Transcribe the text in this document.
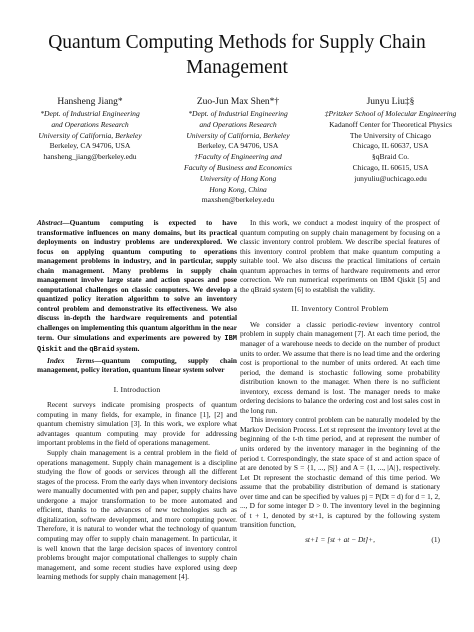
Quantum Computing Methods for Supply Chain Management
Hansheng Jiang*
*Dept. of Industrial Engineering
and Operations Research
University of California, Berkeley
Berkeley, CA 94706, USA
hansheng_jiang@berkeley.edu
Zuo-Jun Max Shen*†
*Dept. of Industrial Engineering
and Operations Research
University of California, Berkeley
Berkeley, CA 94706, USA
†Faculty of Engineering and
Faculty of Business and Economics
University of Hong Kong
Hong Kong, China
maxshen@berkeley.edu
Junyu Liu‡§
‡Pritzker School of Molecular Engineering
Kadanoff Center for Theoretical Physics
The University of Chicago
Chicago, IL 60637, USA
§qBraid Co.
Chicago, IL 60615, USA
junyuliu@uchicago.edu

Abstract—Quantum computing is expected to have transformative influences on many domains, but its practical deployments on industry problems are underexplored. We focus on applying quantum computing to operations management problems in industry, and in particular, supply chain management. Many problems in supply chain management involve large state and action spaces and pose computational challenges on classic computers. We develop a quantized policy iteration algorithm to solve an inventory control problem and demonstrative its effectiveness. We also discuss in-depth the hardware requirements and potential challenges on implementing this quantum algorithm in the near term. Our simulations and experiments are powered by IBM Qiskit and the qBraid system.

Index Terms—quantum computing, supply chain management, policy iteration, quantum linear system solver

I. Introduction

Recent surveys indicate promising prospects of quantum computing in many fields, for example, in finance [1], [2] and quantum chemistry simulation [3]. In this work, we explore what advantages quantum computing may provide for addressing important problems in the field of operations management.

Supply chain management is a central problem in the field of operations management. Supply chain management is a discipline studying the flow of goods or services through all the different stages of the process. From the early days when inventory decisions were manually documented with pen and paper, supply chains have undergone a major transformation to be more automated and efficient, thanks to the advances of new technologies such as digitalization, software development, and more computing power. Therefore, it is natural to wonder what the technology of quantum computing may offer to supply chain management. In particular, it is well known that the large decision spaces of inventory control problems brought major computational challenges to supply chain management, and some recent studies have explored using deep learning methods for supply chain management [4].

In this work, we conduct a modest inquiry of the prospect of quantum computing on supply chain management by focusing on a classic inventory control problem. We describe special features of this inventory control problem that make quantum computing a suitable tool. We also discuss the practical limitations of certain quantum approaches in terms of hardware requirements and error correction. We run numerical experiments on IBM Qiskit [5] and the qBraid system [6] to establish the validity.

II. Inventory Control Problem

We consider a classic periodic-review inventory control problem in supply chain management [7]. At each time period, the manager of a warehouse needs to decide on the number of product units to order. We assume that there is no lead time and the ordering cost is proportional to the number of units ordered. At each time period, the demand is stochastic following some probability distribution known to the manager. When there is no sufficient inventory, excess demand is lost. The manager needs to make ordering decisions to balance the ordering cost and lost sales cost in the long run.

This inventory control problem can be naturally modeled by the Markov Decision Process. Let st represent the inventory level at the beginning of the t-th time period, and at represent the number of units ordered by the inventory manager in the beginning of the period t. Correspondingly, the state space of st and action space of at are denoted by S = {1, ..., |S|} and A = {1, ..., |A|}, respectively. Let Dt represent the stochastic demand of this time period. We assume that the probability distribution of demand is stationary over time and can be specified by values pj = P(Dt = d) for d = 1, 2, ..., D for some integer D > 0. The inventory level in the beginning of t + 1, denoted by st+1, is captured by the following system transition function,

st+1 = [st + at − Dt]+,	(1)
